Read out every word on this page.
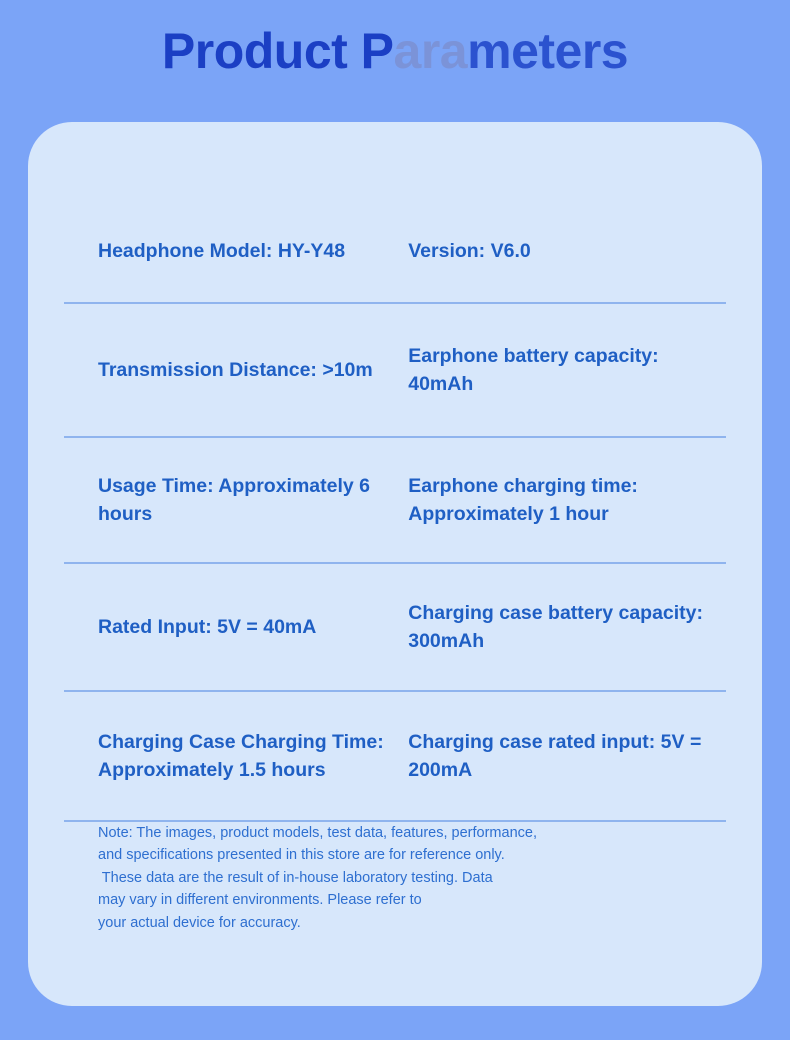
Product Parameters
Headphone Model: HY-Y48	Version: V6.0
Transmission Distance: >10m
Earphone battery capacity: 40mAh
Usage Time: Approximately 6 hours
Earphone charging time: Approximately 1 hour
Rated Input: 5V = 40mA
Charging case battery capacity: 300mAh
Charging Case Charging Time: Approximately 1.5 hours
Charging case rated input: 5V = 200mA
Note: The images, product models, test data, features, performance,
and specifications presented in this store are for reference only.
These data are the result of in-house laboratory testing. Data
may vary in different environments. Please refer to
your actual device for accuracy.
